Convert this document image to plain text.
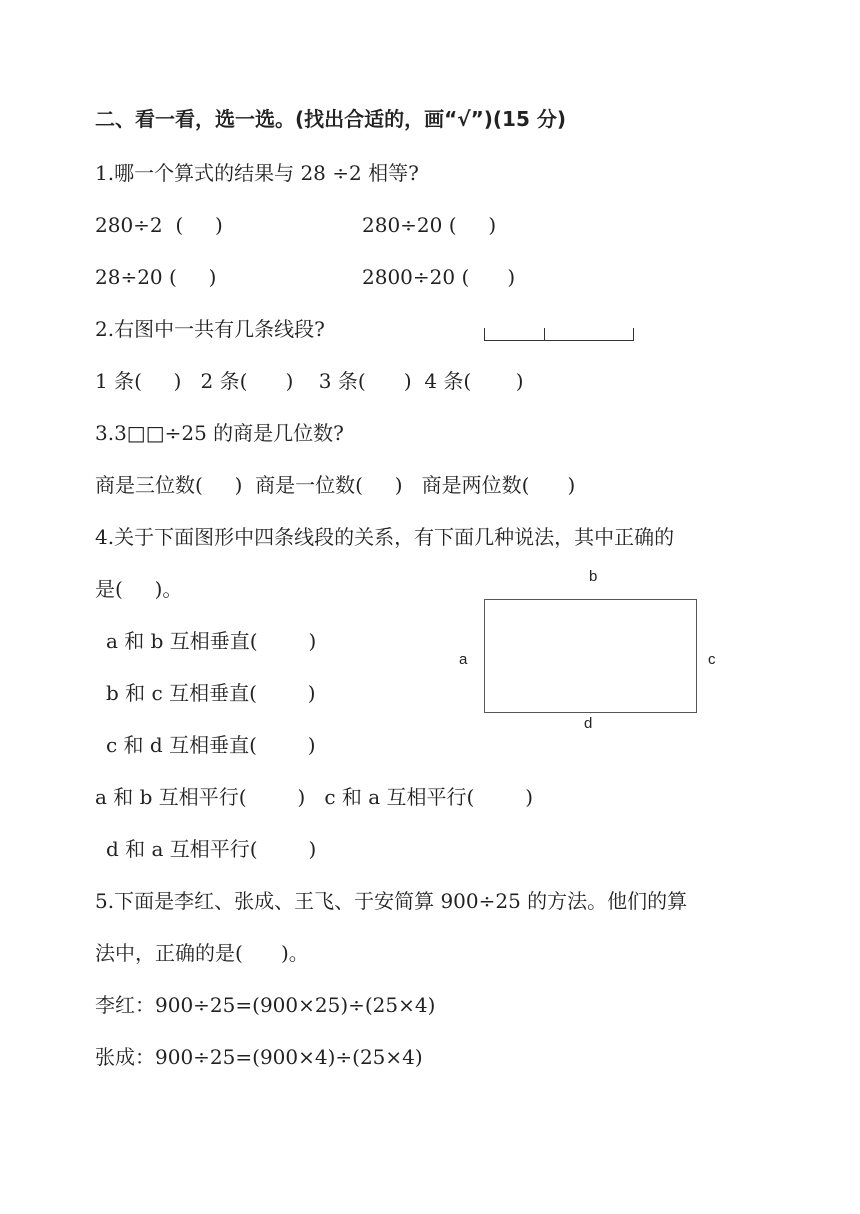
二、看一看，选一选。(找出合适的，画“√”)(15 分)
1.哪一个算式的结果与 28 ÷2 相等?
280÷2  (     )	280÷20 (     )
28÷20 (     )	2800÷20 (      )
2.右图中一共有几条线段?
1 条(     )   2 条(      )    3 条(      )  4 条(       )
3.3□□÷25 的商是几位数?
商是三位数(     )  商是一位数(     )   商是两位数(      )
4.关于下面图形中四条线段的关系，有下面几种说法，其中正确的
是(     )。
a 和 b 互相垂直(        )
b 和 c 互相垂直(        )
c 和 d 互相垂直(        )
a 和 b 互相平行(        )   c 和 a 互相平行(        )
d 和 a 互相平行(        )
b
a	c
d
5.下面是李红、张成、王飞、于安简算 900÷25 的方法。他们的算
法中，正确的是(      )。
李红：900÷25=(900×25)÷(25×4)
张成：900÷25=(900×4)÷(25×4)
